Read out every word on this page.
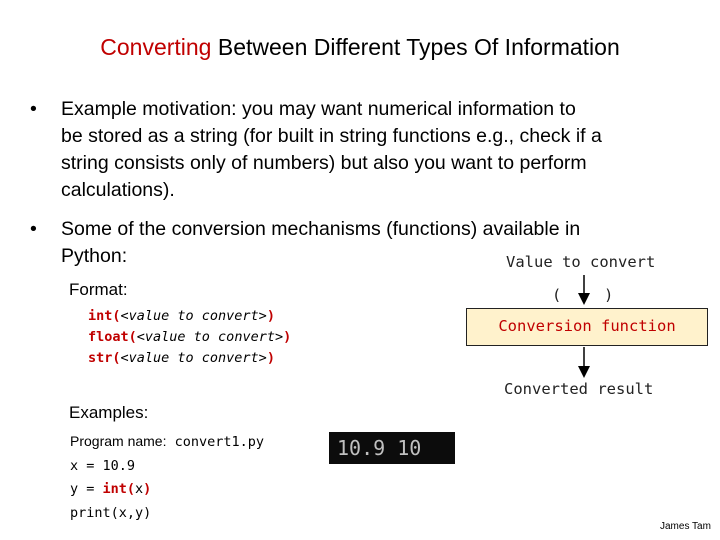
Converting Between Different Types Of Information
• Example motivation: you may want numerical information to
be stored as a string (for built in string functions e.g., check if a
string consists only of numbers) but also you want to perform
calculations).
• Some of the conversion mechanisms (functions) available in
Python:
Format:
int(<value to convert>)
float(<value to convert>)
str(<value to convert>)
Examples:
Program name: convert1.py
x = 10.9
y = int(x)
print(x,y)
10.9 10
Value to convert
(	)
Conversion function
Converted result
James Tam
